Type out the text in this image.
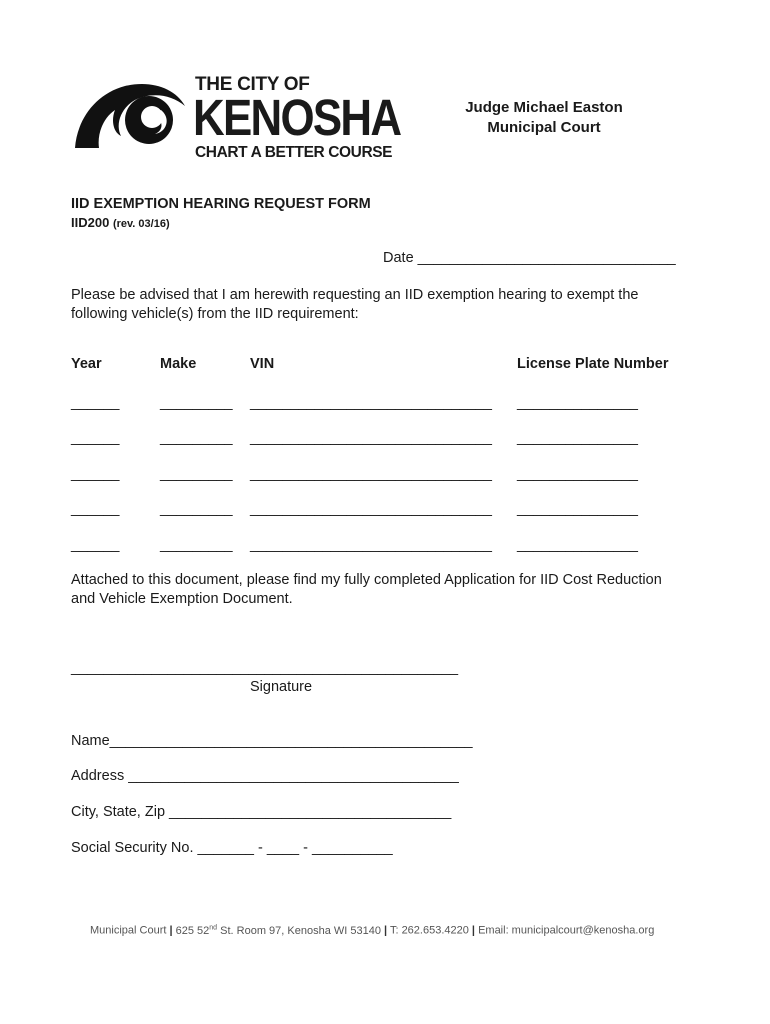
THE CITY OF
KENOSHA
CHART A BETTER COURSE
Judge Michael Easton
Municipal Court
IID EXEMPTION HEARING REQUEST FORM
IID200 (rev. 03/16)
Date ________________________________
Please be advised that I am herewith requesting an IID exemption hearing to exempt the following vehicle(s) from the IID requirement:
Year	Make	VIN	License Plate Number
______	_________ ______________________________ _______________
______	_________ ______________________________ _______________
______	_________ ______________________________ _______________
______	_________ ______________________________ _______________
______	_________ ______________________________ _______________
Attached to this document, please find my fully completed Application for IID Cost Reduction and Vehicle Exemption Document.
________________________________________________
Signature
Name_____________________________________________
Address _________________________________________
City, State, Zip ___________________________________
Social Security No. _______ - ____ - __________
Municipal Court | 625 52nd St. Room 97, Kenosha WI 53140 | T: 262.653.4220 | Email: municipalcourt@kenosha.org
